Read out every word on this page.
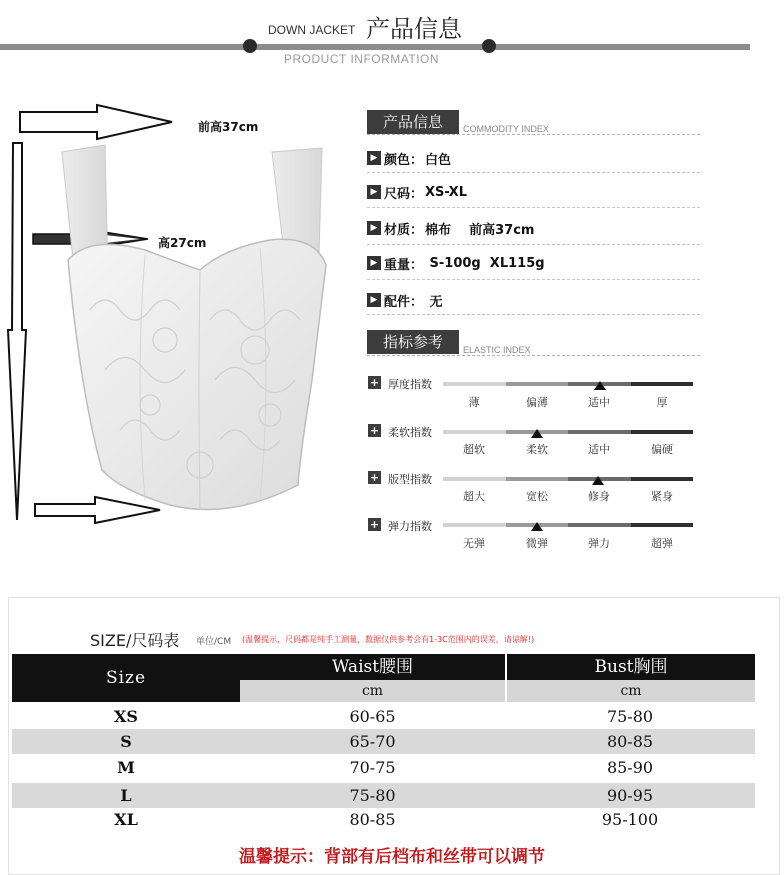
DOWN JACKET 产品信息
PRODUCT INFORMATION
前高37cm
高27cm
产品信息	COMMODITY INDEX
▶ 颜色： 白色
▶ 尺码： XS-XL
▶ 材质： 棉布    前高37cm
▶ 重量： S-100g  XL115g
▶ 配件： 无
指标参考	ELASTIC INDEX
+ 厚度指数
薄	偏薄	适中	厚
+ 柔软指数
超软	柔软	适中	偏硬
+ 版型指数
超大	宽松	修身	紧身
+ 弹力指数
无弹	微弹	弹力	超弹
SIZE/尺码表 单位/CM (温馨提示，尺码都是纯手工测量，数据仅供参考会有1-3C范围内的误差，请谅解!)
Size
Waist腰围	Bust胸围
cm	cm
XS	60-65	75-80
S	65-70	80-85
M	70-75	85-90
L	75-80	90-95
XL	80-85	95-100
温馨提示：背部有后档布和丝带可以调节
